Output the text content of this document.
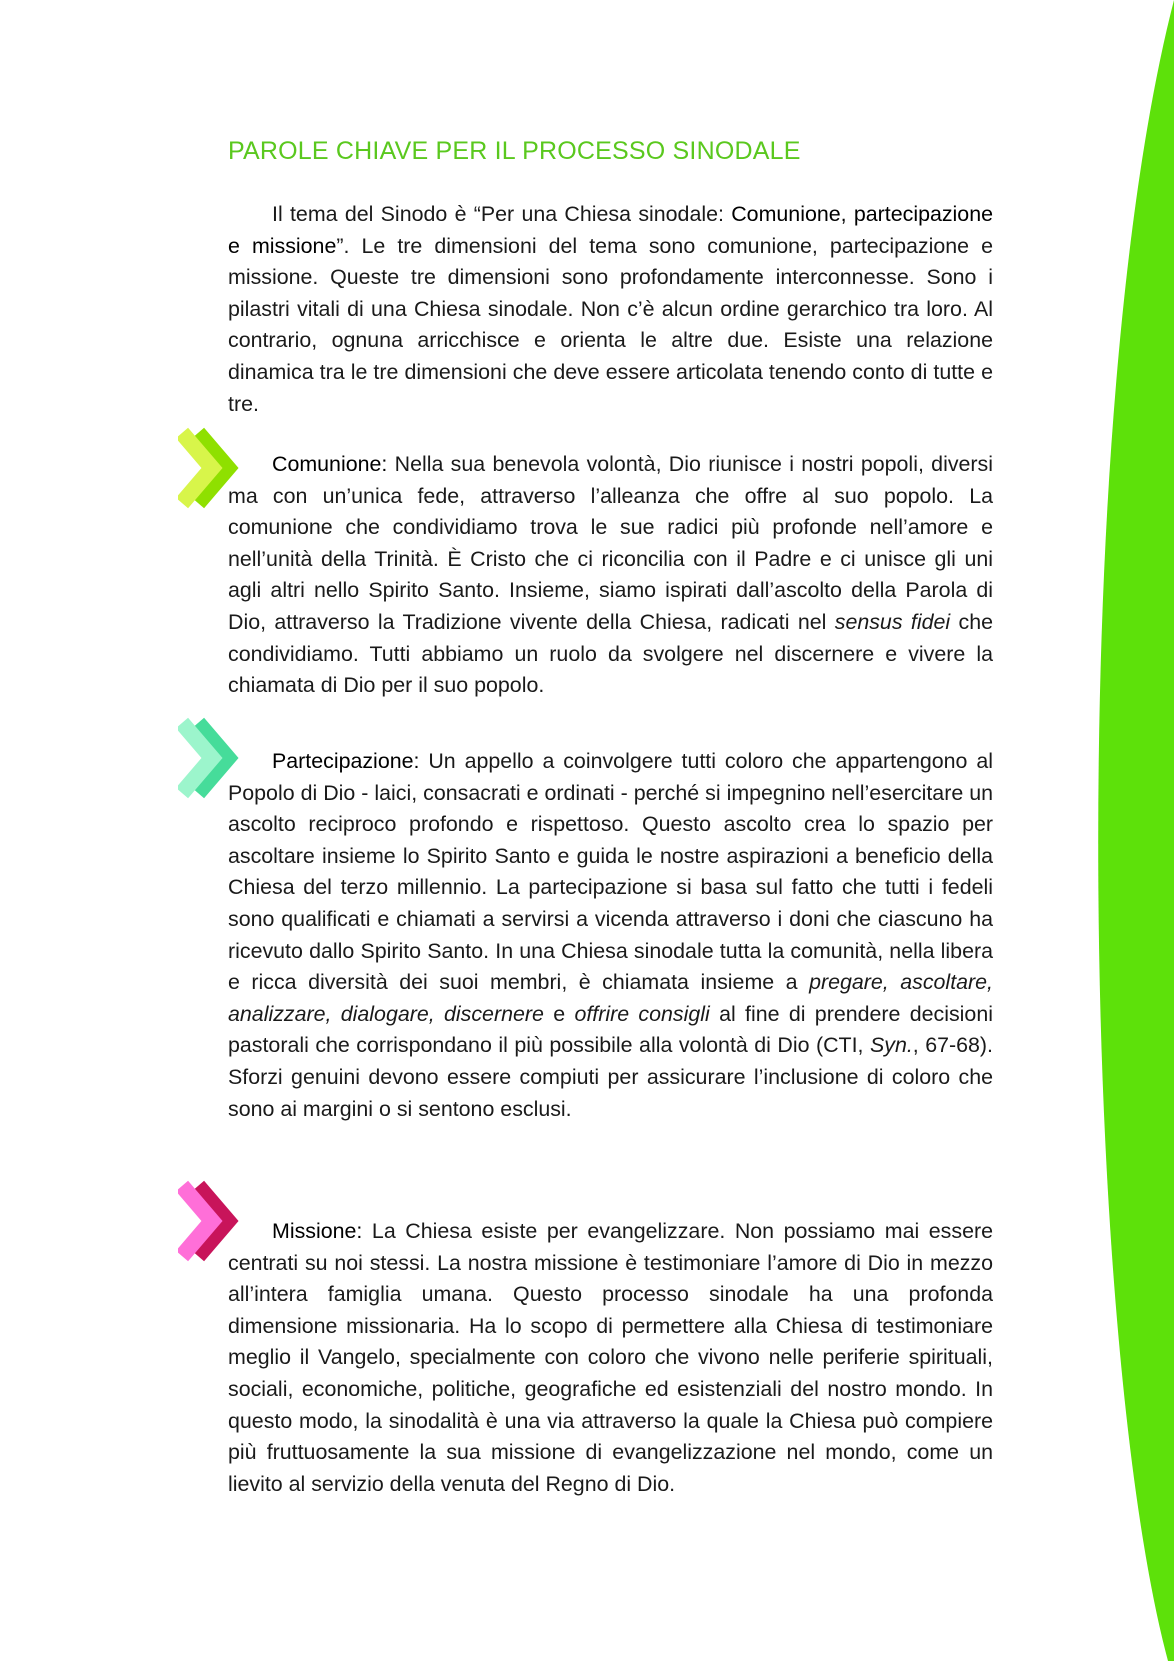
PAROLE CHIAVE PER IL PROCESSO SINODALE

Il tema del Sinodo è “Per una Chiesa sinodale: Comunione, partecipazione e missione”. Le tre dimensioni del tema sono comunione, partecipazione e missione. Queste tre dimensioni sono profondamente interconnesse. Sono i pilastri vitali di una Chiesa sinodale. Non c’è alcun ordine gerarchico tra loro. Al contrario, ognuna arricchisce e orienta le altre due. Esiste una relazione dinamica tra le tre dimensioni che deve essere articolata tenendo conto di tutte e tre.

Comunione: Nella sua benevola volontà, Dio riunisce i nostri popoli, diversi ma con un’unica fede, attraverso l’alleanza che offre al suo popolo. La comunione che condividiamo trova le sue radici più profonde nell’amore e nell’unità della Trinità. È Cristo che ci riconcilia con il Padre e ci unisce gli uni agli altri nello Spirito Santo. Insieme, siamo ispirati dall’ascolto della Parola di Dio, attraverso la Tradizione vivente della Chiesa, radicati nel sensus fidei che condividiamo. Tutti abbiamo un ruolo da svolgere nel discernere e vivere la chiamata di Dio per il suo popolo.

Partecipazione: Un appello a coinvolgere tutti coloro che appartengono al Popolo di Dio - laici, consacrati e ordinati - perché si impegnino nell’esercitare un ascolto reciproco profondo e rispettoso. Questo ascolto crea lo spazio per ascoltare insieme lo Spirito Santo e guida le nostre aspirazioni a beneficio della Chiesa del terzo millennio. La partecipazione si basa sul fatto che tutti i fedeli sono qualificati e chiamati a servirsi a vicenda attraverso i doni che ciascuno ha ricevuto dallo Spirito Santo. In una Chiesa sinodale tutta la comunità, nella libera e ricca diversità dei suoi membri, è chiamata insieme a pregare, ascoltare, analizzare, dialogare, discernere e offrire consigli al fine di prendere decisioni pastorali che corrispondano il più possibile alla volontà di Dio (CTI, Syn., 67-68). Sforzi genuini devono essere compiuti per assicurare l’inclusione di coloro che sono ai margini o si sentono esclusi.

Missione: La Chiesa esiste per evangelizzare. Non possiamo mai essere centrati su noi stessi. La nostra missione è testimoniare l’amore di Dio in mezzo all’intera famiglia umana. Questo processo sinodale ha una profonda dimensione missionaria. Ha lo scopo di permettere alla Chiesa di testimoniare meglio il Vangelo, specialmente con coloro che vivono nelle periferie spirituali, sociali, economiche, politiche, geografiche ed esistenziali del nostro mondo. In questo modo, la sinodalità è una via attraverso la quale la Chiesa può compiere più fruttuosamente la sua missione di evangelizzazione nel mondo, come un lievito al servizio della venuta del Regno di Dio.
